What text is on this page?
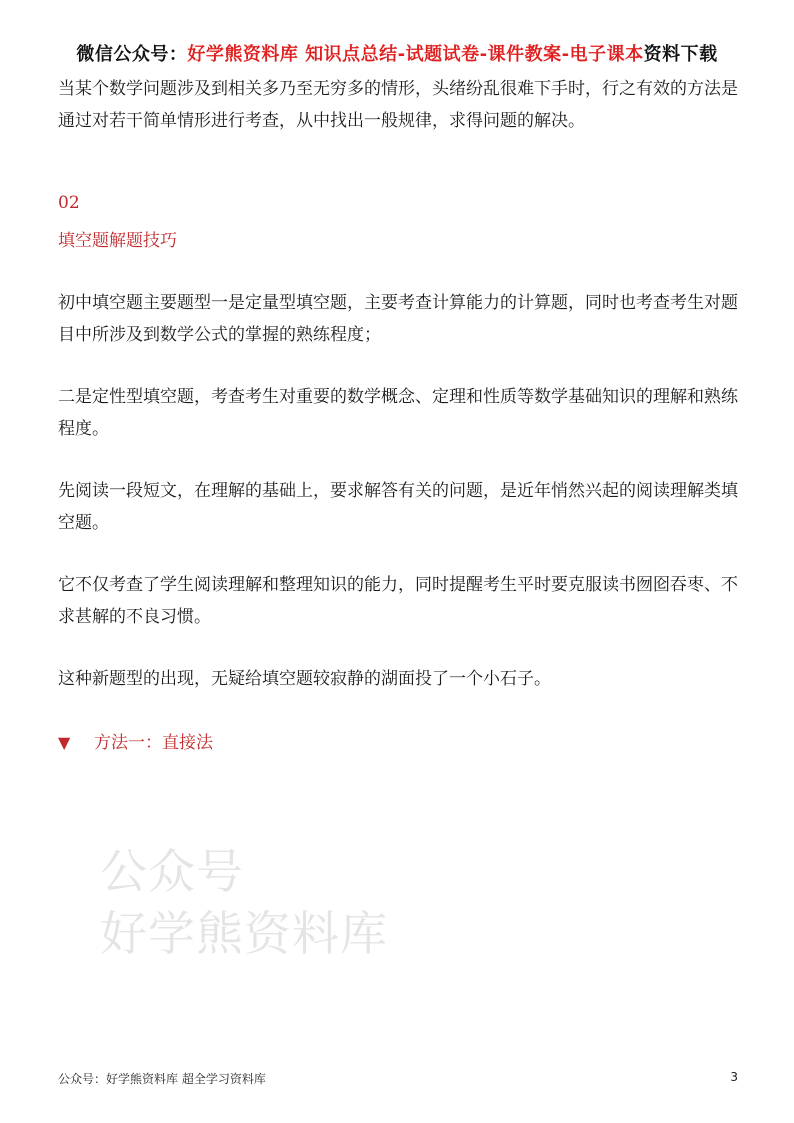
微信公众号：好学熊资料库 知识点总结-试题试卷-课件教案-电子课本资料下载

当某个数学问题涉及到相关多乃至无穷多的情形，头绪纷乱很难下手时，行之有效的方法是通过对若干简单情形进行考查，从中找出一般规律，求得问题的解决。

02

填空题解题技巧

初中填空题主要题型一是定量型填空题，主要考查计算能力的计算题，同时也考查考生对题目中所涉及到数学公式的掌握的熟练程度；

二是定性型填空题，考查考生对重要的数学概念、定理和性质等数学基础知识的理解和熟练程度。

先阅读一段短文，在理解的基础上，要求解答有关的问题，是近年悄然兴起的阅读理解类填空题。

它不仅考查了学生阅读理解和整理知识的能力，同时提醒考生平时要克服读书囫囵吞枣、不求甚解的不良习惯。

这种新题型的出现，无疑给填空题较寂静的湖面投了一个小石子。

▼	方法一：直接法

公众号
好学熊资料库
公众号：好学熊资料库 超全学习资料库	3
